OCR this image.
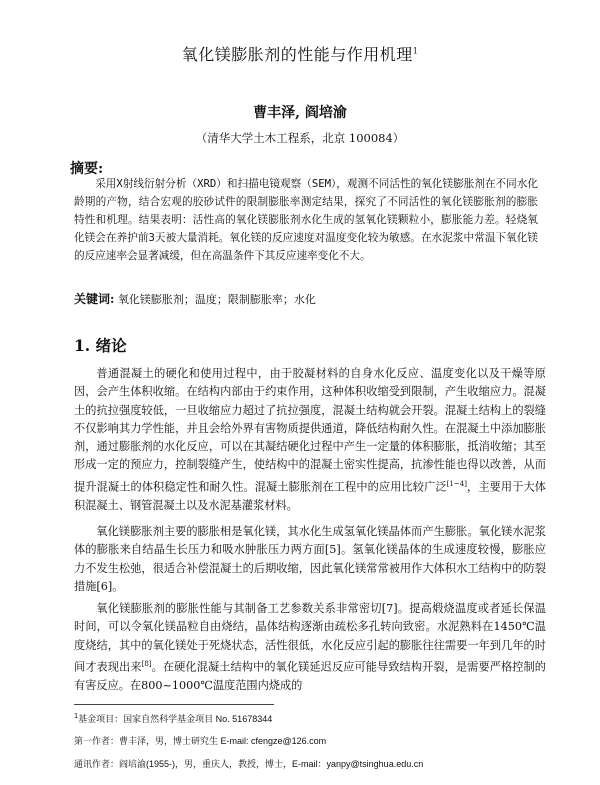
氧化镁膨胀剂的性能与作用机理$^1$
曹丰泽, 阎培渝
（清华大学土木工程系，北京 100084）
摘要:
采用X射线衍射分析（XRD）和扫描电镜观察（SEM），观测不同活性的氧化镁膨胀剂在不同水化龄期的产物，结合宏观的胶砂试件的限制膨胀率测定结果，探究了不同活性的氧化镁膨胀剂的膨胀特性和机理。结果表明：活性高的氧化镁膨胀剂水化生成的氢氧化镁颗粒小，膨胀能力差。轻烧氧化镁会在养护前3天被大量消耗。氧化镁的反应速度对温度变化较为敏感。在水泥浆中常温下氧化镁的反应速率会显著减缓，但在高温条件下其反应速率变化不大。
关键词: 氧化镁膨胀剂；温度；限制膨胀率；水化
1. 绪论
普通混凝土的硬化和使用过程中，由于胶凝材料的自身水化反应、温度变化以及干燥等原因，会产生体积收缩。在结构内部由于约束作用，这种体积收缩受到限制，产生收缩应力。混凝土的抗拉强度较低，一旦收缩应力超过了抗拉强度，混凝土结构就会开裂。混凝土结构上的裂缝不仅影响其力学性能，并且会给外界有害物质提供通道，降低结构耐久性。在混凝土中添加膨胀剂，通过膨胀剂的水化反应，可以在其凝结硬化过程中产生一定量的体积膨胀，抵消收缩；其至形成一定的预应力，控制裂缝产生，使结构中的混凝土密实性提高，抗渗性能也得以改善，从而提升混凝土的体积稳定性和耐久性。混凝土膨胀剂在工程中的应用比较广泛[1~4]，主要用于大体积混凝土、钢管混凝土以及水泥基灌浆材料。
氧化镁膨胀剂主要的膨胀相是氧化镁，其水化生成氢氧化镁晶体而产生膨胀。氧化镁水泥浆体的膨胀来自结晶生长压力和吸水肿胀压力两方面[5]。氢氧化镁晶体的生成速度较慢，膨胀应力不发生松弛，很适合补偿混凝土的后期收缩，因此氧化镁常常被用作大体积水工结构中的防裂措施[6]。
氧化镁膨胀剂的膨胀性能与其制备工艺参数关系非常密切[7]。提高煅烧温度或者延长保温时间，可以令氧化镁晶粒自由烧结，晶体结构逐渐由疏松多孔转向致密。水泥熟料在1450℃温度烧结，其中的氧化镁处于死烧状态，活性很低，水化反应引起的膨胀往往需要一年到几年的时间才表现出来[8]。在硬化混凝土结构中的氧化镁延迟反应可能导致结构开裂，是需要严格控制的有害反应。在800~1000℃温度范围内烧成的
$^1$基金项目：国家自然科学基金项目 No. 51678344
第一作者：曹丰泽，男，博士研究生 E-mail: cfengze@126.com
通讯作者：阎培渝(1955-)，男，重庆人，教授，博士，E-mail：yanpy@tsinghua.edu.cn
